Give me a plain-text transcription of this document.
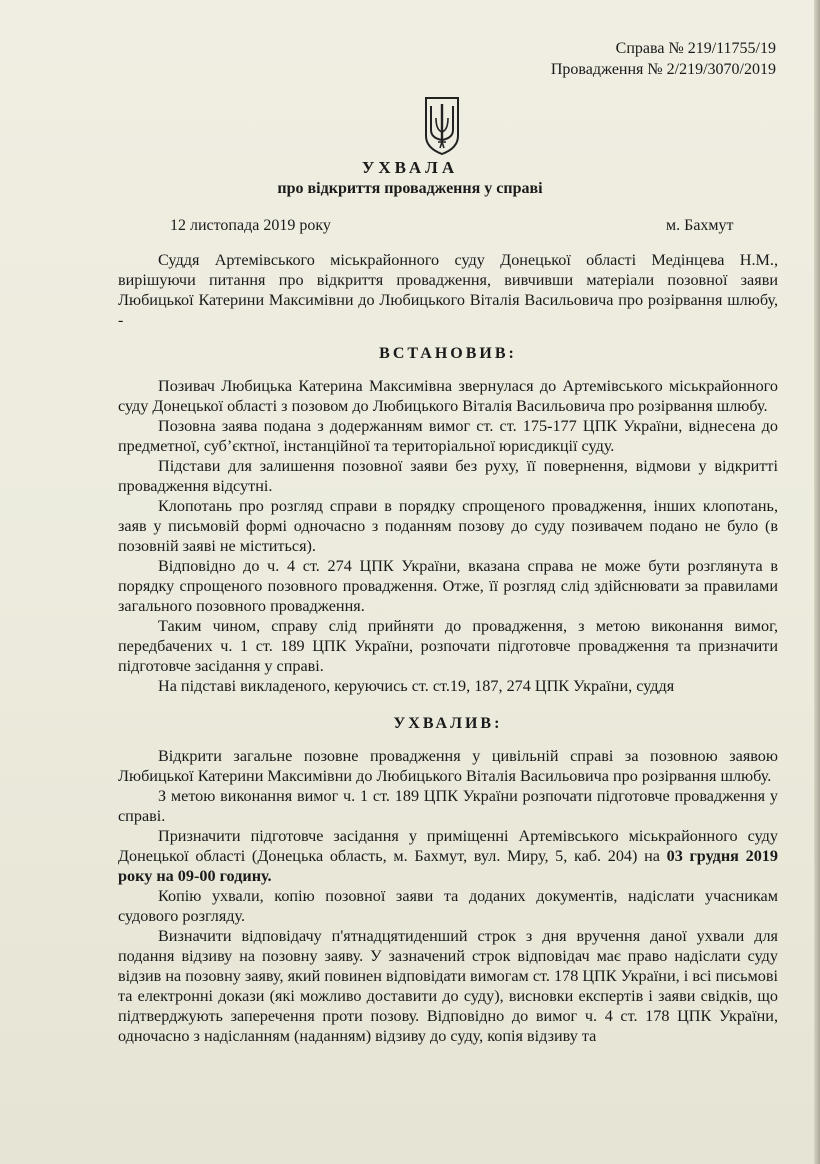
Справа № 219/11755/19
Провадження № 2/219/3070/2019
УХВАЛА
про відкриття провадження у справі
12 листопада 2019 року	м. Бахмут

Суддя Артемівського міськрайонного суду Донецької області Медінцева Н.М., вирішуючи питання про відкриття провадження, вивчивши матеріали позовної заяви Любицької Катерини Максимівни до Любицького Віталія Васильовича про розірвання шлюбу, -

ВСТАНОВИВ:

Позивач Любицька Катерина Максимівна звернулася до Артемівського міськрайонного суду Донецької області з позовом до Любицького Віталія Васильовича про розірвання шлюбу.

Позовна заява подана з додержанням вимог ст. ст. 175-177 ЦПК України, віднесена до предметної, суб’єктної, інстанційної та територіальної юрисдикції суду.

Підстави для залишення позовної заяви без руху, її повернення, відмови у відкритті провадження відсутні.

Клопотань про розгляд справи в порядку спрощеного провадження, інших клопотань, заяв у письмовій формі одночасно з поданням позову до суду позивачем подано не було (в позовній заяві не міститься).

Відповідно до ч. 4 ст. 274 ЦПК України, вказана справа не може бути розглянута в порядку спрощеного позовного провадження. Отже, її розгляд слід здійснювати за правилами загального позовного провадження.

Таким чином, справу слід прийняти до провадження, з метою виконання вимог, передбачених ч. 1 ст. 189 ЦПК України, розпочати підготовче провадження та призначити підготовче засідання у справі.

На підставі викладеного, керуючись ст. ст.19, 187, 274 ЦПК України, суддя

УХВАЛИВ:

Відкрити загальне позовне провадження у цивільній справі за позовною заявою Любицької Катерини Максимівни до Любицького Віталія Васильовича про розірвання шлюбу.

З метою виконання вимог ч. 1 ст. 189 ЦПК України розпочати підготовче провадження у справі.

Призначити підготовче засідання у приміщенні Артемівського міськрайонного суду Донецької області (Донецька область, м. Бахмут, вул. Миру, 5, каб. 204) на 03 грудня 2019 року на 09-00 годину.

Копію ухвали, копію позовної заяви та доданих документів, надіслати учасникам судового розгляду.

Визначити відповідачу п'ятнадцятиденший строк з дня вручення даної ухвали для подання відзиву на позовну заяву. У зазначений строк відповідач має право надіслати суду відзив на позовну заяву, який повинен відповідати вимогам ст. 178 ЦПК України, і всі письмові та електронні докази (які можливо доставити до суду), висновки експертів і заяви свідків, що підтверджують заперечення проти позову. Відповідно до вимог ч. 4 ст. 178 ЦПК України, одночасно з надісланням (наданням) відзиву до суду, копія відзиву та
